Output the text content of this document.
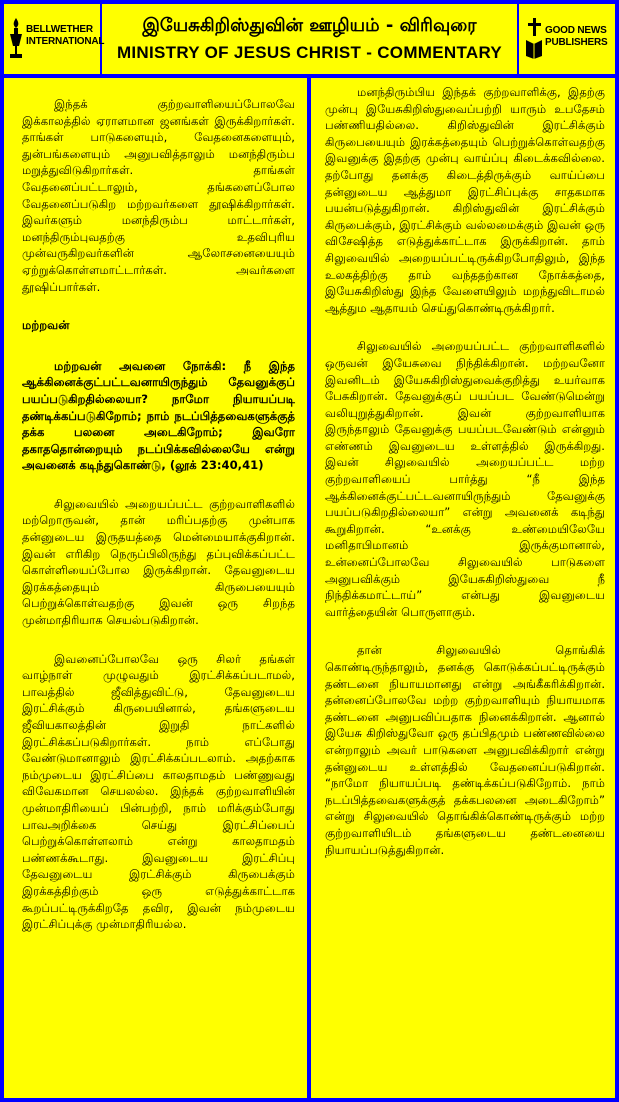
BELLWETHER INTERNATIONAL
இயேசுகிறிஸ்துவின் ஊழியம் - விரிவுரை
MINISTRY OF JESUS CHRIST - COMMENTARY
GOOD NEWS PUBLISHERS

இந்தக் குற்றவாளியைப்போலவே இக்காலத்தில் ஏராளமான ஜனங்கள் இருக்கிறார்கள். தாங்கள் பாடுகளையும், வேதனைகளையும், துன்பங்களையும் அனுபவித்தாலும் மனந்திரும்ப மறுத்துவிடுகிறார்கள். தாங்கள் வேதனைப்பட்டாலும், தங்களைப்போல வேதனைப்படுகிற மற்றவர்களை தூஷிக்கிறார்கள். இவர்களும் மனந்திரும்ப மாட்டார்கள், மனந்திரும்புவதற்கு உதவிபுரிய முன்வருகிறவர்களின் ஆலோசனையையும் ஏற்றுக்கொள்ளமாட்டார்கள். அவர்களை தூஷிப்பார்கள்.

மற்றவன்

மற்றவன் அவனை நோக்கி: நீ இந்த ஆக்கினைக்குட்பட்டவனாயிருந்தும் தேவனுக்குப் பயப்படுகிறதில்லையா? நாமோ நியாயப்படி தண்டிக்கப்படுகிறோம்; நாம் நடப்பித்தவைகளுக்குத் தக்க பலனை அடைகிறோம்; இவரோ தகாததொன்றையும் நடப்பிக்கவில்லையே என்று அவனைக் கடிந்துகொண்டு, (லூக் 23:40,41)

சிலுவையில் அறையப்பட்ட குற்றவாளிகளில் மற்றொருவன், தான் மரிப்பதற்கு முன்பாக தன்னுடைய இருதயத்தை மென்மையாக்குகிறான். இவன் எரிகிற நெருப்பிலிருந்து தப்புவிக்கப்பட்ட கொள்ளியைப்போல இருக்கிறான். தேவனுடைய இரக்கத்தையும் கிருபையையும் பெற்றுக்கொள்வதற்கு இவன் ஒரு சிறந்த முன்மாதிரியாக செயல்படுகிறான்.

இவனைப்போலவே ஒரு சிலர் தங்கள் வாழ்நாள் முழுவதும் இரட்சிக்கப்படாமல், பாவத்தில் ஜீவித்துவிட்டு, தேவனுடைய இரட்சிக்கும் கிருபையினால், தங்களுடைய ஜீவியகாலத்தின் இறுதி நாட்களில் இரட்சிக்கப்படுகிறார்கள். நாம் எப்போது வேண்டுமானாலும் இரட்சிக்கப்படலாம். அதற்காக நம்முடைய இரட்சிப்பை காலதாமதம் பண்ணுவது விவேகமான செயலல்ல. இந்தக் குற்றவாளியின் முன்மாதிரியைப் பின்பற்றி, நாம் மரிக்கும்போது பாவஅறிக்கை செய்து இரட்சிப்பைப் பெற்றுக்கொள்ளலாம் என்று காலதாமதம் பண்ணக்கூடாது. இவனுடைய இரட்சிப்பு தேவனுடைய இரட்சிக்கும் கிருபைக்கும் இரக்கத்திற்கும் ஒரு எடுத்துக்காட்டாக கூறப்பட்டிருக்கிறதே தவிர, இவன் நம்முடைய இரட்சிப்புக்கு முன்மாதிரியல்ல.

மனந்திரும்பிய இந்தக் குற்றவாளிக்கு, இதற்கு முன்பு இயேசுகிறிஸ்துவைப்பற்றி யாரும் உபதேசம் பண்ணியதில்லை. கிறிஸ்துவின் இரட்சிக்கும் கிருபையையும் இரக்கத்தையும் பெற்றுக்கொள்வதற்கு இவனுக்கு இதற்கு முன்பு வாய்ப்பு கிடைக்கவில்லை. தற்போது தனக்கு கிடைத்திருக்கும் வாய்ப்பை தன்னுடைய ஆத்துமா இரட்சிப்புக்கு சாதகமாக பயன்படுத்துகிறான். கிறிஸ்துவின் இரட்சிக்கும் கிருபைக்கும், இரட்சிக்கும் வல்லமைக்கும் இவன் ஒரு விசேஷித்த எடுத்துக்காட்டாக இருக்கிறான். தாம் சிலுவையில் அறையப்பட்டிருக்கிறபோதிலும், இந்த உலகத்திற்கு தாம் வந்ததற்கான நோக்கத்தை, இயேசுகிறிஸ்து இந்த வேளையிலும் மறந்துவிடாமல் ஆத்தும ஆதாயம் செய்துகொண்டிருக்கிறார்.

சிலுவையில் அறையப்பட்ட குற்றவாளிகளில் ஒருவன் இயேசுவை நிந்திக்கிறான். மற்றவனோ இவனிடம் இயேசுகிறிஸ்துவைக்குறித்து உயர்வாக பேசுகிறான். தேவனுக்குப் பயப்பட வேண்டுமென்று வலியுறுத்துகிறான். இவன் குற்றவாளியாக இருந்தாலும் தேவனுக்கு பயப்படவேண்டும் என்னும் எண்ணம் இவனுடைய உள்ளத்தில் இருக்கிறது. இவன் சிலுவையில் அறையப்பட்ட மற்ற குற்றவாளியைப் பார்த்து “நீ இந்த ஆக்கினைக்குட்பட்டவனாயிருந்தும் தேவனுக்கு பயப்படுகிறதில்லையா” என்று அவனைக் கடிந்து கூறுகிறான். “உனக்கு உண்மையிலேயே மனிதாபிமானம் இருக்குமானால், உன்னைப்போலவே சிலுவையில் பாடுகளை அனுபவிக்கும் இயேசுகிறிஸ்துவை நீ நிந்திக்கமாட்டாய்” என்பது இவனுடைய வார்த்தையின் பொருளாகும்.

தான் சிலுவையில் தொங்கிக் கொண்டிருந்தாலும், தனக்கு கொடுக்கப்பட்டிருக்கும் தண்டனை நியாயமானது என்று அங்கீகரிக்கிறான். தன்னைப்போலவே மற்ற குற்றவாளியும் நியாயமாக தண்டனை அனுபவிப்பதாக நினைக்கிறான். ஆனால் இயேசு கிறிஸ்துவோ ஒரு தப்பிதமும் பண்ணவில்லை என்றாலும் அவர் பாடுகளை அனுபவிக்கிறார் என்று தன்னுடைய உள்ளத்தில் வேதனைப்படுகிறான். “நாமோ நியாயப்படி தண்டிக்கப்படுகிறோம். நாம் நடப்பித்தவைகளுக்குத் தக்கபலனை அடைகிறோம்” என்று சிலுவையில் தொங்கிக்கொண்டிருக்கும் மற்ற குற்றவாளியிடம் தங்களுடைய தண்டனையை நியாயப்படுத்துகிறான்.
